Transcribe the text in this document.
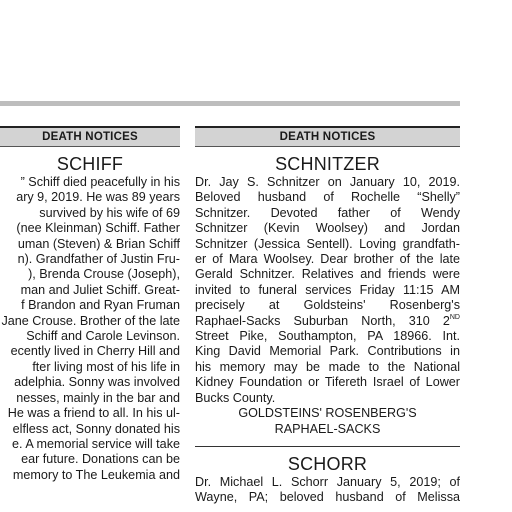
DEATH NOTICES
SCHIFF
” Schiff died peacefully in his
ary 9, 2019. He was 89 years
survived by his wife of 69
(nee Kleinman) Schiff. Father
uman (Steven) & Brian Schiff
n). Grandfather of Justin Fru-
), Brenda Crouse (Joseph),
man and Juliet Schiff. Great-
f Brandon and Ryan Fruman
Jane Crouse. Brother of the late
Schiff and Carole Levinson.
ecently lived in Cherry Hill and
fter living most of his life in
adelphia. Sonny was involved
nesses, mainly in the bar and
He was a friend to all. In his ul-
elfless act, Sonny donated his
e. A memorial service will take
ear future. Donations can be
memory to The Leukemia and
DEATH NOTICES
SCHNITZER
Dr. Jay S. Schnitzer on January 10, 2019.
Beloved husband of Rochelle “Shelly”
Schnitzer. Devoted father of Wendy
Schnitzer (Kevin Woolsey) and Jordan
Schnitzer (Jessica Sentell). Loving grandfath-
er of Mara Woolsey. Dear brother of the late
Gerald Schnitzer. Relatives and friends were
invited to funeral services Friday 11:15 AM
precisely at Goldsteins' Rosenberg's
Raphael-Sacks Suburban North, 310 2ND
Street Pike, Southampton, PA 18966. Int.
King David Memorial Park. Contributions in
his memory may be made to the National
Kidney Foundation or Tifereth Israel of Lower
Bucks County.
GOLDSTEINS' ROSENBERG'S
RAPHAEL-SACKS
SCHORR
Dr. Michael L. Schorr January 5, 2019; of
Wayne, PA; beloved husband of Melissa
